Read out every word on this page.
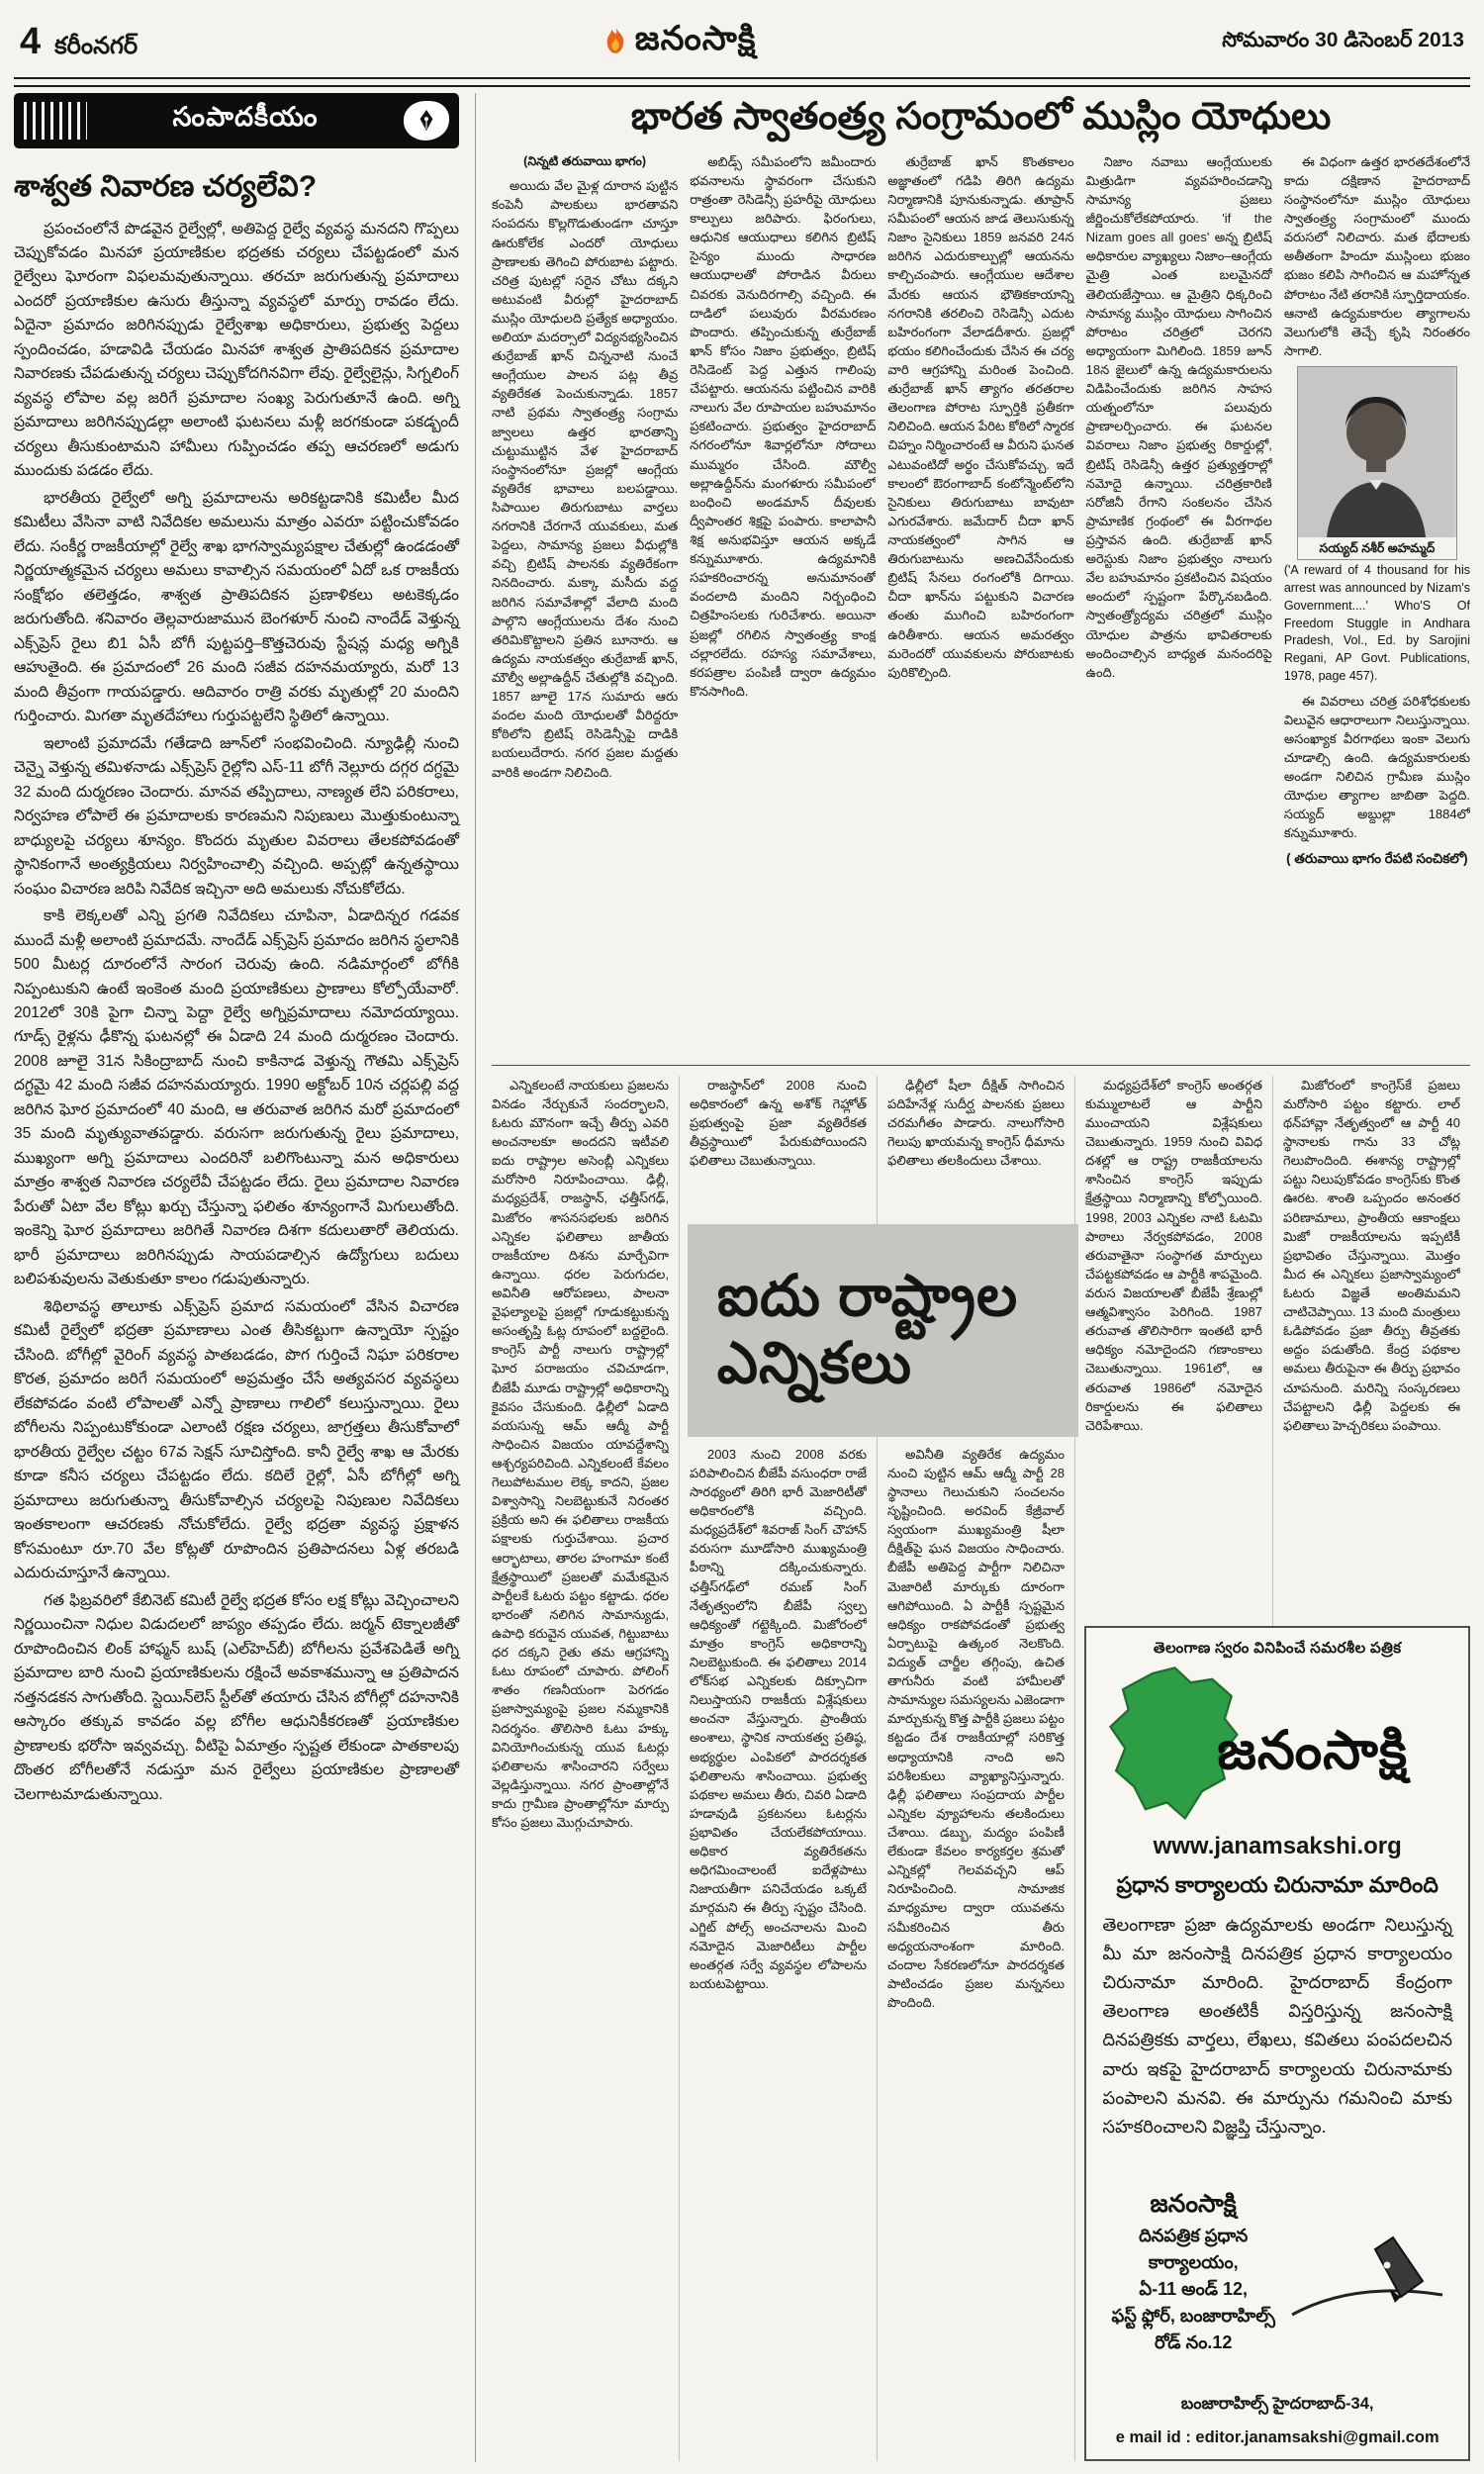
4 కరీంనగర్	జనంసాక్షి	సోమవారం 30 డిసెంబర్ 2013
సంపాదకీయం
శాశ్వత నివారణ చర్యలేవి?

ప్రపంచంలోనే పొడవైన రైల్వేల్లో, అతిపెద్ద రైల్వే వ్యవస్థ మనదని గొప్పలు చెప్పుకోవడం మినహా ప్రయాణికుల భద్రతకు చర్యలు చేపట్టడంలో మన రైల్వేలు ఘోరంగా విఫలమవుతున్నాయి. తరచూ జరుగుతున్న ప్రమాదాలు ఎందరో ప్రయాణికుల ఉసురు తీస్తున్నా వ్యవస్థలో మార్పు రావడం లేదు. ఏదైనా ప్రమాదం జరిగినప్పుడు రైల్వేశాఖ అధికారులు, ప్రభుత్వ పెద్దలు స్పందించడం, హడావిడి చేయడం మినహా శాశ్వత ప్రాతిపదికన ప్రమాదాల నివారణకు చేపడుతున్న చర్యలు చెప్పుకోదగినవిగా లేవు. రైల్వేలైన్లు, సిగ్నలింగ్ వ్యవస్థ లోపాల వల్ల జరిగే ప్రమాదాల సంఖ్య పెరుగుతూనే ఉంది. అగ్ని ప్రమాదాలు జరిగినప్పుడల్లా అలాంటి ఘటనలు మళ్లీ జరగకుండా పకడ్బందీ చర్యలు తీసుకుంటామని హామీలు గుప్పించడం తప్ప ఆచరణలో అడుగు ముందుకు పడడం లేదు.

భారతీయ రైల్వేలో అగ్ని ప్రమాదాలను అరికట్టడానికి కమిటీల మీద కమిటీలు వేసినా వాటి నివేదికల అమలును మాత్రం ఎవరూ పట్టించుకోవడం లేదు. సంకీర్ణ రాజకీయాల్లో రైల్వే శాఖ భాగస్వామ్యపక్షాల చేతుల్లో ఉండడంతో నిర్ణయాత్మకమైన చర్యలు అమలు కావాల్సిన సమయంలో ఏదో ఒక రాజకీయ సంక్షోభం తలెత్తడం, శాశ్వత ప్రాతిపదికన ప్రణాళికలు అటకెక్కడం జరుగుతోంది. శనివారం తెల్లవారుజామున బెంగళూర్ నుంచి నాందేడ్ వెళ్తున్న ఎక్స్‌ప్రెస్ రైలు బి1 ఏసీ బోగీ పుట్టపర్తి–కొత్తచెరువు స్టేషన్ల మధ్య అగ్నికి ఆహుతైంది. ఈ ప్రమాదంలో 26 మంది సజీవ దహనమయ్యారు, మరో 13 మంది తీవ్రంగా గాయపడ్డారు. ఆదివారం రాత్రి వరకు మృతుల్లో 20 మందిని గుర్తించారు. మిగతా మృతదేహాలు గుర్తుపట్టలేని స్థితిలో ఉన్నాయి.

ఇలాంటి ప్రమాదమే గతేడాది జూన్‌లో సంభవించింది. న్యూఢిల్లీ నుంచి చెన్నై వెళ్తున్న తమిళనాడు ఎక్స్‌ప్రెస్ రైల్లోని ఎస్-11 బోగీ నెల్లూరు దగ్గర దగ్ధమై 32 మంది దుర్మరణం చెందారు. మానవ తప్పిదాలు, నాణ్యత లేని పరికరాలు, నిర్వహణ లోపాలే ఈ ప్రమాదాలకు కారణమని నిపుణులు మొత్తుకుంటున్నా బాధ్యులపై చర్యలు శూన్యం. కొందరు మృతుల వివరాలు తేలకపోవడంతో స్థానికంగానే అంత్యక్రియలు నిర్వహించాల్సి వచ్చింది. అప్పట్లో ఉన్నతస్థాయి సంఘం విచారణ జరిపి నివేదిక ఇచ్చినా అది అమలుకు నోచుకోలేదు.

కాకి లెక్కలతో ఎన్ని ప్రగతి నివేదికలు చూపినా, ఏడాదిన్నర గడవక ముందే మళ్లీ అలాంటి ప్రమాదమే. నాందేడ్ ఎక్స్‌ప్రెస్ ప్రమాదం జరిగిన స్థలానికి 500 మీటర్ల దూరంలోనే సారంగ చెరువు ఉంది. నడిమార్గంలో బోగీకి నిప్పంటుకుని ఉంటే ఇంకెంత మంది ప్రయాణికులు ప్రాణాలు కోల్పోయేవారో. 2012లో 30కి పైగా చిన్నా పెద్దా రైల్వే అగ్నిప్రమాదాలు నమోదయ్యాయి. గూడ్స్ రైళ్లను ఢీకొన్న ఘటనల్లో ఈ ఏడాది 24 మంది దుర్మరణం చెందారు. 2008 జూలై 31న సికింద్రాబాద్ నుంచి కాకినాడ వెళ్తున్న గౌతమి ఎక్స్‌ప్రెస్ దగ్ధమై 42 మంది సజీవ దహనమయ్యారు. 1990 అక్టోబర్ 10న చర్లపల్లి వద్ద జరిగిన ఘోర ప్రమాదంలో 40 మంది, ఆ తరువాత జరిగిన మరో ప్రమాదంలో 35 మంది మృత్యువాతపడ్డారు. వరుసగా జరుగుతున్న రైలు ప్రమాదాలు, ముఖ్యంగా అగ్ని ప్రమాదాలు ఎందరినో బలిగొంటున్నా మన అధికారులు మాత్రం శాశ్వత నివారణ చర్యలేవీ చేపట్టడం లేదు. రైలు ప్రమాదాల నివారణ పేరుతో ఏటా వేల కోట్లు ఖర్చు చేస్తున్నా ఫలితం శూన్యంగానే మిగులుతోంది. ఇంకెన్ని ఘోర ప్రమాదాలు జరిగితే నివారణ దిశగా కదులుతారో తెలియదు. భారీ ప్రమాదాలు జరిగినప్పుడు సాయపడాల్సిన ఉద్యోగులు బదులు బలిపశువులను వెతుకుతూ కాలం గడుపుతున్నారు.

శిథిలావస్థ తాలూకు ఎక్స్‌ప్రెస్ ప్రమాద సమయంలో వేసిన విచారణ కమిటీ రైల్వేలో భద్రతా ప్రమాణాలు ఎంత తీసికట్టుగా ఉన్నాయో స్పష్టం చేసింది. బోగీల్లో వైరింగ్ వ్యవస్థ పాతబడడం, పొగ గుర్తించే నిఘా పరికరాల కొరత, ప్రమాదం జరిగే సమయంలో అప్రమత్తం చేసే అత్యవసర వ్యవస్థలు లేకపోవడం వంటి లోపాలతో ఎన్నో ప్రాణాలు గాలిలో కలుస్తున్నాయి. రైలు బోగీలను నిప్పంటుకోకుండా ఎలాంటి రక్షణ చర్యలు, జాగ్రత్తలు తీసుకోవాలో భారతీయ రైల్వేల చట్టం 67వ సెక్షన్ సూచిస్తోంది. కానీ రైల్వే శాఖ ఆ మేరకు కూడా కనీస చర్యలు చేపట్టడం లేదు. కదిలే రైల్లో, ఏసీ బోగీల్లో అగ్ని ప్రమాదాలు జరుగుతున్నా తీసుకోవాల్సిన చర్యలపై నిపుణుల నివేదికలు ఇంతకాలంగా ఆచరణకు నోచుకోలేదు. రైల్వే భద్రతా వ్యవస్థ ప్రక్షాళన కోసమంటూ రూ.70 వేల కోట్లతో రూపొందిన ప్రతిపాదనలు ఏళ్ల తరబడి ఎదురుచూస్తూనే ఉన్నాయి.

గత ఫిబ్రవరిలో కేబినెట్ కమిటీ రైల్వే భద్రత కోసం లక్ష కోట్లు వెచ్చించాలని నిర్ణయించినా నిధుల విడుదలలో జాప్యం తప్పడం లేదు. జర్మన్ టెక్నాలజీతో రూపొందించిన లింక్ హాఫ్మన్ బుష్ (ఎల్‌హెచ్‌బీ) బోగీలను ప్రవేశపెడితే అగ్ని ప్రమాదాల బారి నుంచి ప్రయాణికులను రక్షించే అవకాశమున్నా ఆ ప్రతిపాదన నత్తనడకన సాగుతోంది. స్టెయిన్‌లెస్ స్టీల్‌తో తయారు చేసిన బోగీల్లో దహనానికి ఆస్కారం తక్కువ కావడం వల్ల బోగీల ఆధునికీకరణతో ప్రయాణికుల ప్రాణాలకు భరోసా ఇవ్వవచ్చు. వీటిపై ఏమాత్రం స్పష్టత లేకుండా పాతకాలపు దొంతర బోగీలతోనే నడుస్తూ మన రైల్వేలు ప్రయాణికుల ప్రాణాలతో చెలగాటమాడుతున్నాయి.

భారత స్వాతంత్ర్య సంగ్రామంలో ముస్లిం యోధులు
(నిన్నటి తరువాయి భాగం)

అయిదు వేల మైళ్ల దూరాన పుట్టిన కంపెనీ పాలకులు భారతావని సంపదను కొల్లగొడుతుండగా చూస్తూ ఊరుకోలేక ఎందరో యోధులు ప్రాణాలకు తెగించి పోరుబాట పట్టారు. చరిత్ర పుటల్లో సరైన చోటు దక్కని అటువంటి వీరుల్లో హైదరాబాద్ ముస్లిం యోధులది ప్రత్యేక అధ్యాయం. అలియా మదర్సాలో విద్యనభ్యసించిన తుర్రేబాజ్ ఖాన్ చిన్ననాటి నుంచే ఆంగ్లేయుల పాలన పట్ల తీవ్ర వ్యతిరేకత పెంచుకున్నాడు. 1857 నాటి ప్రథమ స్వాతంత్ర్య సంగ్రామ జ్వాలలు ఉత్తర భారతాన్ని చుట్టుముట్టిన వేళ హైదరాబాద్ సంస్థానంలోనూ ప్రజల్లో ఆంగ్లేయ వ్యతిరేక భావాలు బలపడ్డాయి. సిపాయిల తిరుగుబాటు వార్తలు నగరానికి చేరగానే యువకులు, మత పెద్దలు, సామాన్య ప్రజలు వీధుల్లోకి వచ్చి బ్రిటిష్ పాలనకు వ్యతిరేకంగా నినదించారు. మక్కా మసీదు వద్ద జరిగిన సమావేశాల్లో వేలాది మంది పాల్గొని ఆంగ్లేయులను దేశం నుంచి తరిమికొట్టాలని ప్రతిన బూనారు. ఆ ఉద్యమ నాయకత్వం తుర్రేబాజ్ ఖాన్, మౌల్వీ అల్లాఉద్దీన్ చేతుల్లోకి వచ్చింది. 1857 జూలై 17న సుమారు ఆరు వందల మంది యోధులతో వీరిద్దరూ కోఠిలోని బ్రిటిష్ రెసిడెన్సీపై దాడికి బయలుదేరారు. నగర ప్రజల మద్దతు వారికి అండగా నిలిచింది.

అబిడ్స్ సమీపంలోని జమీందారు భవనాలను స్థావరంగా చేసుకుని రాత్రంతా రెసిడెన్సీ ప్రహరీపై యోధులు కాల్పులు జరిపారు. ఫిరంగులు, ఆధునిక ఆయుధాలు కలిగిన బ్రిటిష్ సైన్యం ముందు సాధారణ ఆయుధాలతో పోరాడిన వీరులు చివరకు వెనుదిరగాల్సి వచ్చింది. ఈ దాడిలో పలువురు వీరమరణం పొందారు. తప్పించుకున్న తుర్రేబాజ్ ఖాన్ కోసం నిజాం ప్రభుత్వం, బ్రిటిష్ రెసిడెంట్ పెద్ద ఎత్తున గాలింపు చేపట్టారు. ఆయనను పట్టించిన వారికి నాలుగు వేల రూపాయల బహుమానం ప్రకటించారు. ప్రభుత్వం హైదరాబాద్ నగరంలోనూ శివార్లలోనూ సోదాలు ముమ్మరం చేసింది. మౌల్వీ అల్లాఉద్దీన్‌ను మంగళూరు సమీపంలో బంధించి అండమాన్ దీవులకు ద్వీపాంతర శిక్షపై పంపారు. కాలాపానీ శిక్ష అనుభవిస్తూ ఆయన అక్కడే కన్నుమూశారు. ఉద్యమానికి సహకరించారన్న అనుమానంతో వందలాది మందిని నిర్బంధించి చిత్రహింసలకు గురిచేశారు. అయినా ప్రజల్లో రగిలిన స్వాతంత్ర్య కాంక్ష చల్లారలేదు. రహస్య సమావేశాలు, కరపత్రాల పంపిణీ ద్వారా ఉద్యమం కొనసాగింది.

తుర్రేబాజ్ ఖాన్ కొంతకాలం అజ్ఞాతంలో గడిపి తిరిగి ఉద్యమ నిర్మాణానికి పూనుకున్నాడు. తూప్రాన్ సమీపంలో ఆయన జాడ తెలుసుకున్న నిజాం సైనికులు 1859 జనవరి 24న జరిగిన ఎదురుకాల్పుల్లో ఆయనను కాల్చిచంపారు. ఆంగ్లేయుల ఆదేశాల మేరకు ఆయన భౌతికకాయాన్ని నగరానికి తరలించి రెసిడెన్సీ ఎదుట బహిరంగంగా వేలాడదీశారు. ప్రజల్లో భయం కలిగించేందుకు చేసిన ఈ చర్య వారి ఆగ్రహాన్ని మరింత పెంచింది. తుర్రేబాజ్ ఖాన్ త్యాగం తరతరాల తెలంగాణ పోరాట స్ఫూర్తికి ప్రతీకగా నిలిచింది. ఆయన పేరిట కోఠిలో స్మారక చిహ్నం నిర్మించారంటే ఆ వీరుని ఘనత ఎటువంటిదో అర్థం చేసుకోవచ్చు. ఇదే కాలంలో ఔరంగాబాద్ కంటోన్మెంట్‌లోని సైనికులు తిరుగుబాటు బావుటా ఎగురవేశారు. జమేదార్ చీదా ఖాన్ నాయకత్వంలో సాగిన ఆ తిరుగుబాటును అణచివేసేందుకు బ్రిటిష్ సేనలు రంగంలోకి దిగాయి. చీదా ఖాన్‌ను పట్టుకుని విచారణ తంతు ముగించి బహిరంగంగా ఉరితీశారు. ఆయన అమరత్వం మరెందరో యువకులను పోరుబాటకు పురికొల్పింది.

నిజాం నవాబు ఆంగ్లేయులకు మిత్రుడిగా వ్యవహరించడాన్ని సామాన్య ప్రజలు జీర్ణించుకోలేకపోయారు. 'if the Nizam goes all goes' అన్న బ్రిటిష్ అధికారుల వ్యాఖ్యలు నిజాం–ఆంగ్లేయ మైత్రి ఎంత బలమైనదో తెలియజేస్తాయి. ఆ మైత్రిని ధిక్కరించి సామాన్య ముస్లిం యోధులు సాగించిన పోరాటం చరిత్రలో చెరగని అధ్యాయంగా మిగిలింది. 1859 జూన్ 18న జైలులో ఉన్న ఉద్యమకారులను విడిపించేందుకు జరిగిన సాహస యత్నంలోనూ పలువురు ప్రాణాలర్పించారు. ఈ ఘటనల వివరాలు నిజాం ప్రభుత్వ రికార్డుల్లో, బ్రిటిష్ రెసిడెన్సీ ఉత్తర ప్రత్యుత్తరాల్లో నమోదై ఉన్నాయి. చరిత్రకారిణి సరోజినీ రేగాని సంకలనం చేసిన ప్రామాణిక గ్రంథంలో ఈ వీరగాథల ప్రస్తావన ఉంది. తుర్రేబాజ్ ఖాన్ అరెస్టుకు నిజాం ప్రభుత్వం నాలుగు వేల బహుమానం ప్రకటించిన విషయం అందులో స్పష్టంగా పేర్కొనబడింది. స్వాతంత్ర్యోద్యమ చరిత్రలో ముస్లిం యోధుల పాత్రను భావితరాలకు అందించాల్సిన బాధ్యత మనందరిపై ఉంది.

ఈ విధంగా ఉత్తర భారతదేశంలోనే కాదు దక్షిణాన హైదరాబాద్ సంస్థానంలోనూ ముస్లిం యోధులు స్వాతంత్ర్య సంగ్రామంలో ముందు వరుసలో నిలిచారు. మత భేదాలకు అతీతంగా హిందూ ముస్లింలు భుజం భుజం కలిపి సాగించిన ఆ మహోన్నత పోరాటం నేటి తరానికి స్ఫూర్తిదాయకం. ఆనాటి ఉద్యమకారుల త్యాగాలను వెలుగులోకి తెచ్చే కృషి నిరంతరం సాగాలి.

సయ్యద్ నశీర్ అహమ్మద్

('A reward of 4 thousand for his arrest was announced by Nizam's Government....' Who'S Of Freedom Stuggle in Andhara Pradesh, Vol., Ed. by Sarojini Regani, AP Govt. Publications, 1978, page 457).

ఈ వివరాలు చరిత్ర పరిశోధకులకు విలువైన ఆధారాలుగా నిలుస్తున్నాయి. అసంఖ్యాక వీరగాథలు ఇంకా వెలుగు చూడాల్సి ఉంది. ఉద్యమకారులకు అండగా నిలిచిన గ్రామీణ ముస్లిం యోధుల త్యాగాల జాబితా పెద్దది. సయ్యద్ అబ్దుల్లా 1884లో కన్నుమూశారు.

( తరువాయి భాగం రేపటి సంచికలో)

ఎన్నికలంటే నాయకులు ప్రజలను వినడం నేర్చుకునే సందర్భాలని, ఓటరు మౌనంగా ఇచ్చే తీర్పు ఎవరి అంచనాలకూ అందదని ఇటీవలి ఐదు రాష్ట్రాల అసెంబ్లీ ఎన్నికలు మరోసారి నిరూపించాయి. ఢిల్లీ, మధ్యప్రదేశ్, రాజస్థాన్, ఛత్తీస్‌గఢ్, మిజోరం శాసనసభలకు జరిగిన ఎన్నికల ఫలితాలు జాతీయ రాజకీయాల దిశను మార్చేవిగా ఉన్నాయి. ధరల పెరుగుదల, అవినీతి ఆరోపణలు, పాలనా వైఫల్యాలపై ప్రజల్లో గూడుకట్టుకున్న అసంతృప్తి ఓట్ల రూపంలో బద్దలైంది. కాంగ్రెస్ పార్టీ నాలుగు రాష్ట్రాల్లో ఘోర పరాజయం చవిచూడగా, బీజేపీ మూడు రాష్ట్రాల్లో అధికారాన్ని కైవసం చేసుకుంది. ఢిల్లీలో ఏడాది వయసున్న ఆమ్ ఆద్మీ పార్టీ సాధించిన విజయం యావద్దేశాన్ని ఆశ్చర్యపరిచింది. ఎన్నికలంటే కేవలం గెలుపోటముల లెక్క కాదని, ప్రజల విశ్వాసాన్ని నిలబెట్టుకునే నిరంతర ప్రక్రియ అని ఈ ఫలితాలు రాజకీయ పక్షాలకు గుర్తుచేశాయి. ప్రచార ఆర్భాటాలు, తారల హంగామా కంటే క్షేత్రస్థాయిలో ప్రజలతో మమేకమైన పార్టీలకే ఓటరు పట్టం కట్టాడు. ధరల భారంతో నలిగిన సామాన్యుడు, ఉపాధి కరువైన యువత, గిట్టుబాటు ధర దక్కని రైతు తమ ఆగ్రహాన్ని ఓటు రూపంలో చూపారు. పోలింగ్ శాతం గణనీయంగా పెరగడం ప్రజాస్వామ్యంపై ప్రజల నమ్మకానికి నిదర్శనం. తొలిసారి ఓటు హక్కు వినియోగించుకున్న యువ ఓటర్లు ఫలితాలను శాసించారని సర్వేలు వెల్లడిస్తున్నాయి. నగర ప్రాంతాల్లోనే కాదు గ్రామీణ ప్రాంతాల్లోనూ మార్పు కోసం ప్రజలు మొగ్గుచూపారు.

రాజస్థాన్‌లో 2008 నుంచి అధికారంలో ఉన్న అశోక్ గెహ్లోత్ ప్రభుత్వంపై ప్రజా వ్యతిరేకత తీవ్రస్థాయిలో పేరుకుపోయిందని ఫలితాలు చెబుతున్నాయి.

2003 నుంచి 2008 వరకు పరిపాలించిన బీజేపీ వసుంధరా రాజే సారథ్యంలో తిరిగి భారీ మెజారిటీతో అధికారంలోకి వచ్చింది. మధ్యప్రదేశ్‌లో శివరాజ్ సింగ్ చౌహాన్ వరుసగా మూడోసారి ముఖ్యమంత్రి పీఠాన్ని దక్కించుకున్నారు. ఛత్తీస్‌గఢ్‌లో రమణ్ సింగ్ నేతృత్వంలోని బీజేపీ స్వల్ప ఆధిక్యంతో గట్టెక్కింది. మిజోరంలో మాత్రం కాంగ్రెస్ అధికారాన్ని నిలబెట్టుకుంది. ఈ ఫలితాలు 2014 లోక్‌సభ ఎన్నికలకు దిక్సూచిగా నిలుస్తాయని రాజకీయ విశ్లేషకులు అంచనా వేస్తున్నారు. ప్రాంతీయ అంశాలు, స్థానిక నాయకత్వ ప్రతిష్ఠ, అభ్యర్థుల ఎంపికలో పారదర్శకత ఫలితాలను శాసించాయి. ప్రభుత్వ పథకాల అమలు తీరు, చివరి ఏడాది హడావుడి ప్రకటనలు ఓటర్లను ప్రభావితం చేయలేకపోయాయి. అధికార వ్యతిరేకతను అధిగమించాలంటే ఐదేళ్లపాటు నిజాయతీగా పనిచేయడం ఒక్కటే మార్గమని ఈ తీర్పు స్పష్టం చేసింది. ఎగ్జిట్ పోల్స్ అంచనాలను మించి నమోదైన మెజారిటీలు పార్టీల అంతర్గత సర్వే వ్యవస్థల లోపాలను బయటపెట్టాయి.

ఢిల్లీలో షీలా దీక్షిత్ సాగించిన పదిహేనేళ్ల సుదీర్ఘ పాలనకు ప్రజలు చరమగీతం పాడారు. నాలుగోసారి గెలుపు ఖాయమన్న కాంగ్రెస్ ధీమాను ఫలితాలు తలకిందులు చేశాయి.

అవినీతి వ్యతిరేక ఉద్యమం నుంచి పుట్టిన ఆమ్ ఆద్మీ పార్టీ 28 స్థానాలు గెలుచుకుని సంచలనం సృష్టించింది. అరవింద్ కేజ్రీవాల్ స్వయంగా ముఖ్యమంత్రి షీలా దీక్షిత్‌పై ఘన విజయం సాధించారు. బీజేపీ అతిపెద్ద పార్టీగా నిలిచినా మెజారిటీ మార్కుకు దూరంగా ఆగిపోయింది. ఏ పార్టీకీ స్పష్టమైన ఆధిక్యం రాకపోవడంతో ప్రభుత్వ ఏర్పాటుపై ఉత్కంఠ నెలకొంది. విద్యుత్ చార్జీల తగ్గింపు, ఉచిత తాగునీరు వంటి హామీలతో సామాన్యుల సమస్యలను ఎజెండాగా మార్చుకున్న కొత్త పార్టీకి ప్రజలు పట్టం కట్టడం దేశ రాజకీయాల్లో సరికొత్త అధ్యాయానికి నాంది అని పరిశీలకులు వ్యాఖ్యానిస్తున్నారు. ఢిల్లీ ఫలితాలు సంప్రదాయ పార్టీల ఎన్నికల వ్యూహాలను తలకిందులు చేశాయి. డబ్బు, మద్యం పంపిణీ లేకుండా కేవలం కార్యకర్తల శ్రమతో ఎన్నికల్లో గెలవవచ్చని ఆప్ నిరూపించింది. సామాజిక మాధ్యమాల ద్వారా యువతను సమీకరించిన తీరు అధ్యయనాంశంగా మారింది. చందాల సేకరణలోనూ పారదర్శకత పాటించడం ప్రజల మన్ననలు పొందింది.

మధ్యప్రదేశ్‌లో కాంగ్రెస్ అంతర్గత కుమ్ములాటలే ఆ పార్టీని ముంచాయని విశ్లేషకులు చెబుతున్నారు. 1959 నుంచి వివిధ దశల్లో ఆ రాష్ట్ర రాజకీయాలను శాసించిన కాంగ్రెస్ ఇప్పుడు క్షేత్రస్థాయి నిర్మాణాన్ని కోల్పోయింది. 1998, 2003 ఎన్నికల నాటి ఓటమి పాఠాలు నేర్వకపోవడం, 2008 తరువాతైనా సంస్థాగత మార్పులు చేపట్టకపోవడం ఆ పార్టీకి శాపమైంది. వరుస విజయాలతో బీజేపీ శ్రేణుల్లో ఆత్మవిశ్వాసం పెరిగింది. 1987 తరువాత తొలిసారిగా ఇంతటి భారీ ఆధిక్యం నమోదైందని గణాంకాలు చెబుతున్నాయి. 1961లో, ఆ తరువాత 1986లో నమోదైన రికార్డులను ఈ ఫలితాలు చెరిపేశాయి.

మిజోరంలో కాంగ్రెస్‌కే ప్రజలు మరోసారి పట్టం కట్టారు. లాల్ థన్‌హావ్లా నేతృత్వంలో ఆ పార్టీ 40 స్థానాలకు గాను 33 చోట్ల గెలుపొందింది. ఈశాన్య రాష్ట్రాల్లో పట్టు నిలుపుకోవడం కాంగ్రెస్‌కు కొంత ఊరట. శాంతి ఒప్పందం అనంతర పరిణామాలు, ప్రాంతీయ ఆకాంక్షలు మిజో రాజకీయాలను ఇప్పటికీ ప్రభావితం చేస్తున్నాయి. మొత్తం మీద ఈ ఎన్నికలు ప్రజాస్వామ్యంలో ఓటరు విజ్ఞతే అంతిమమని చాటిచెప్పాయి. 13 మంది మంత్రులు ఓడిపోవడం ప్రజా తీర్పు తీవ్రతకు అద్దం పడుతోంది. కేంద్ర పథకాల అమలు తీరుపైనా ఈ తీర్పు ప్రభావం చూపనుంది. మరిన్ని సంస్కరణలు చేపట్టాలని ఢిల్లీ పెద్దలకు ఈ ఫలితాలు హెచ్చరికలు పంపాయి.

ఐదు రాష్ట్రాల
ఎన్నికలు
తెలంగాణ స్వరం వినిపించే సమరశీల పత్రిక
జనంసాక్షి
www.janamsakshi.org
ప్రధాన కార్యాలయ చిరునామా మారింది

తెలంగాణా ప్రజా ఉద్యమాలకు అండగా నిలుస్తున్న మీ మా జనంసాక్షి దినపత్రిక ప్రధాన కార్యాలయం చిరునామా మారింది. హైదరాబాద్ కేంద్రంగా తెలంగాణ అంతటికీ విస్తరిస్తున్న జనంసాక్షి దినపత్రికకు వార్తలు, లేఖలు, కవితలు పంపదలచిన వారు ఇకపై హైదరాబాద్ కార్యాలయ చిరునామాకు పంపాలని మనవి. ఈ మార్పును గమనించి మాకు సహకరించాలని విజ్ఞప్తి చేస్తున్నాం.

జనంసాక్షి
దినపత్రిక ప్రధాన కార్యాలయం,
ఏ-11 అండ్ 12,
ఫస్ట్ ఫ్లోర్, బంజారాహిల్స్ రోడ్ నం.12
బంజారాహిల్స్ హైదరాబాద్-34,
e mail id : editor.janamsakshi@gmail.com
